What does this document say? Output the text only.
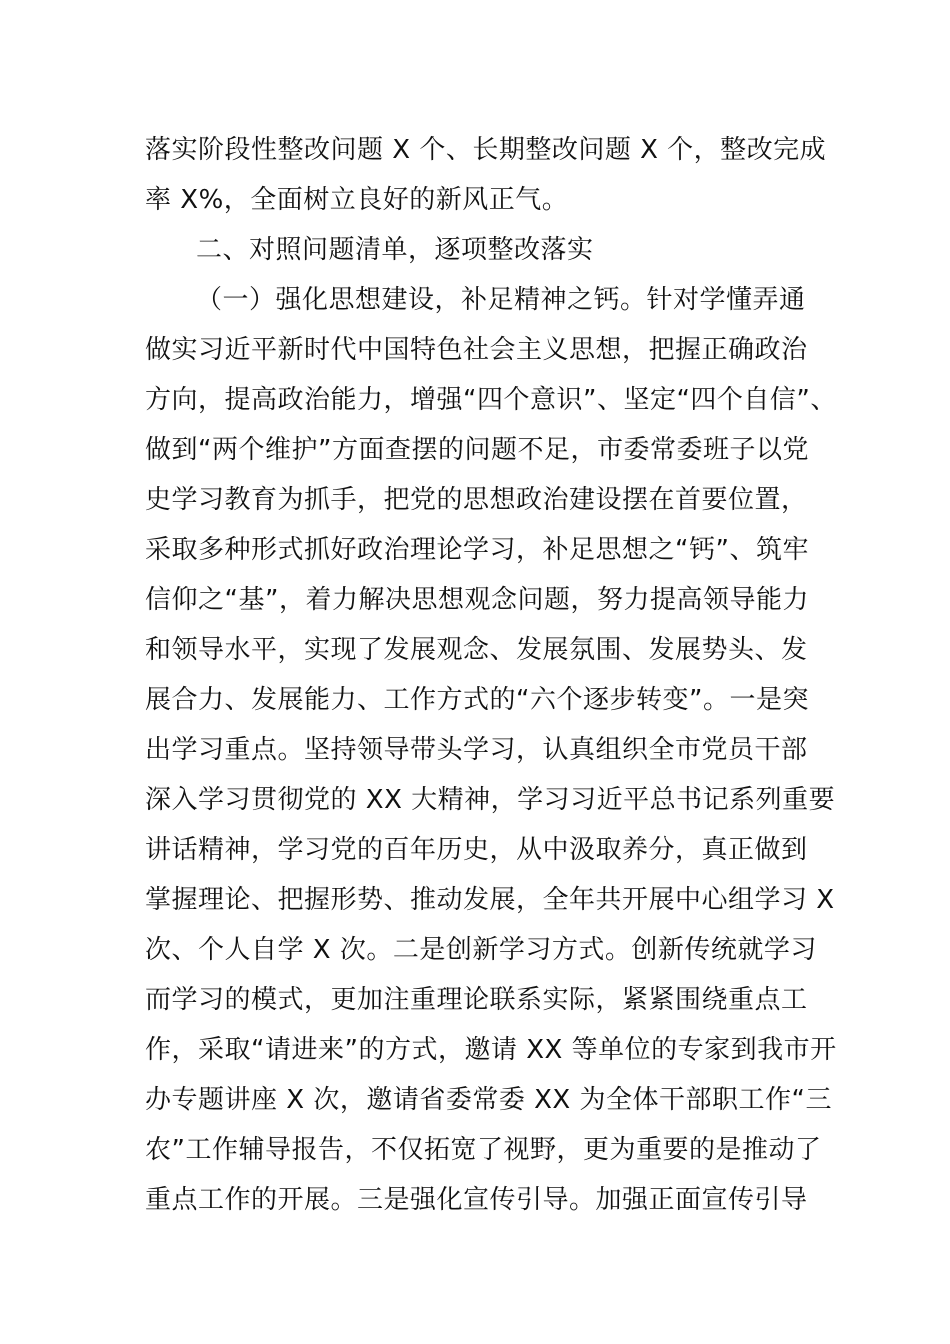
落实阶段性整改问题 X 个、长期整改问题 X 个，整改完成

率 X%，全面树立良好的新风正气。

二、对照问题清单，逐项整改落实

（一）强化思想建设，补足精神之钙。针对学懂弄通

做实习近平新时代中国特色社会主义思想，把握正确政治

方向，提高政治能力，增强“四个意识”、坚定“四个自信”、

做到“两个维护”方面查摆的问题不足，市委常委班子以党

史学习教育为抓手，把党的思想政治建设摆在首要位置，

采取多种形式抓好政治理论学习，补足思想之“钙”、筑牢

信仰之“基”，着力解决思想观念问题，努力提高领导能力

和领导水平，实现了发展观念、发展氛围、发展势头、发

展合力、发展能力、工作方式的“六个逐步转变”。一是突

出学习重点。坚持领导带头学习，认真组织全市党员干部

深入学习贯彻党的 XX 大精神，学习习近平总书记系列重要

讲话精神，学习党的百年历史，从中汲取养分，真正做到

掌握理论、把握形势、推动发展，全年共开展中心组学习 X

次、个人自学 X 次。二是创新学习方式。创新传统就学习

而学习的模式，更加注重理论联系实际，紧紧围绕重点工

作，采取“请进来”的方式，邀请 XX 等单位的专家到我市开

办专题讲座 X 次，邀请省委常委 XX 为全体干部职工作“三

农”工作辅导报告，不仅拓宽了视野，更为重要的是推动了

重点工作的开展。三是强化宣传引导。加强正面宣传引导
